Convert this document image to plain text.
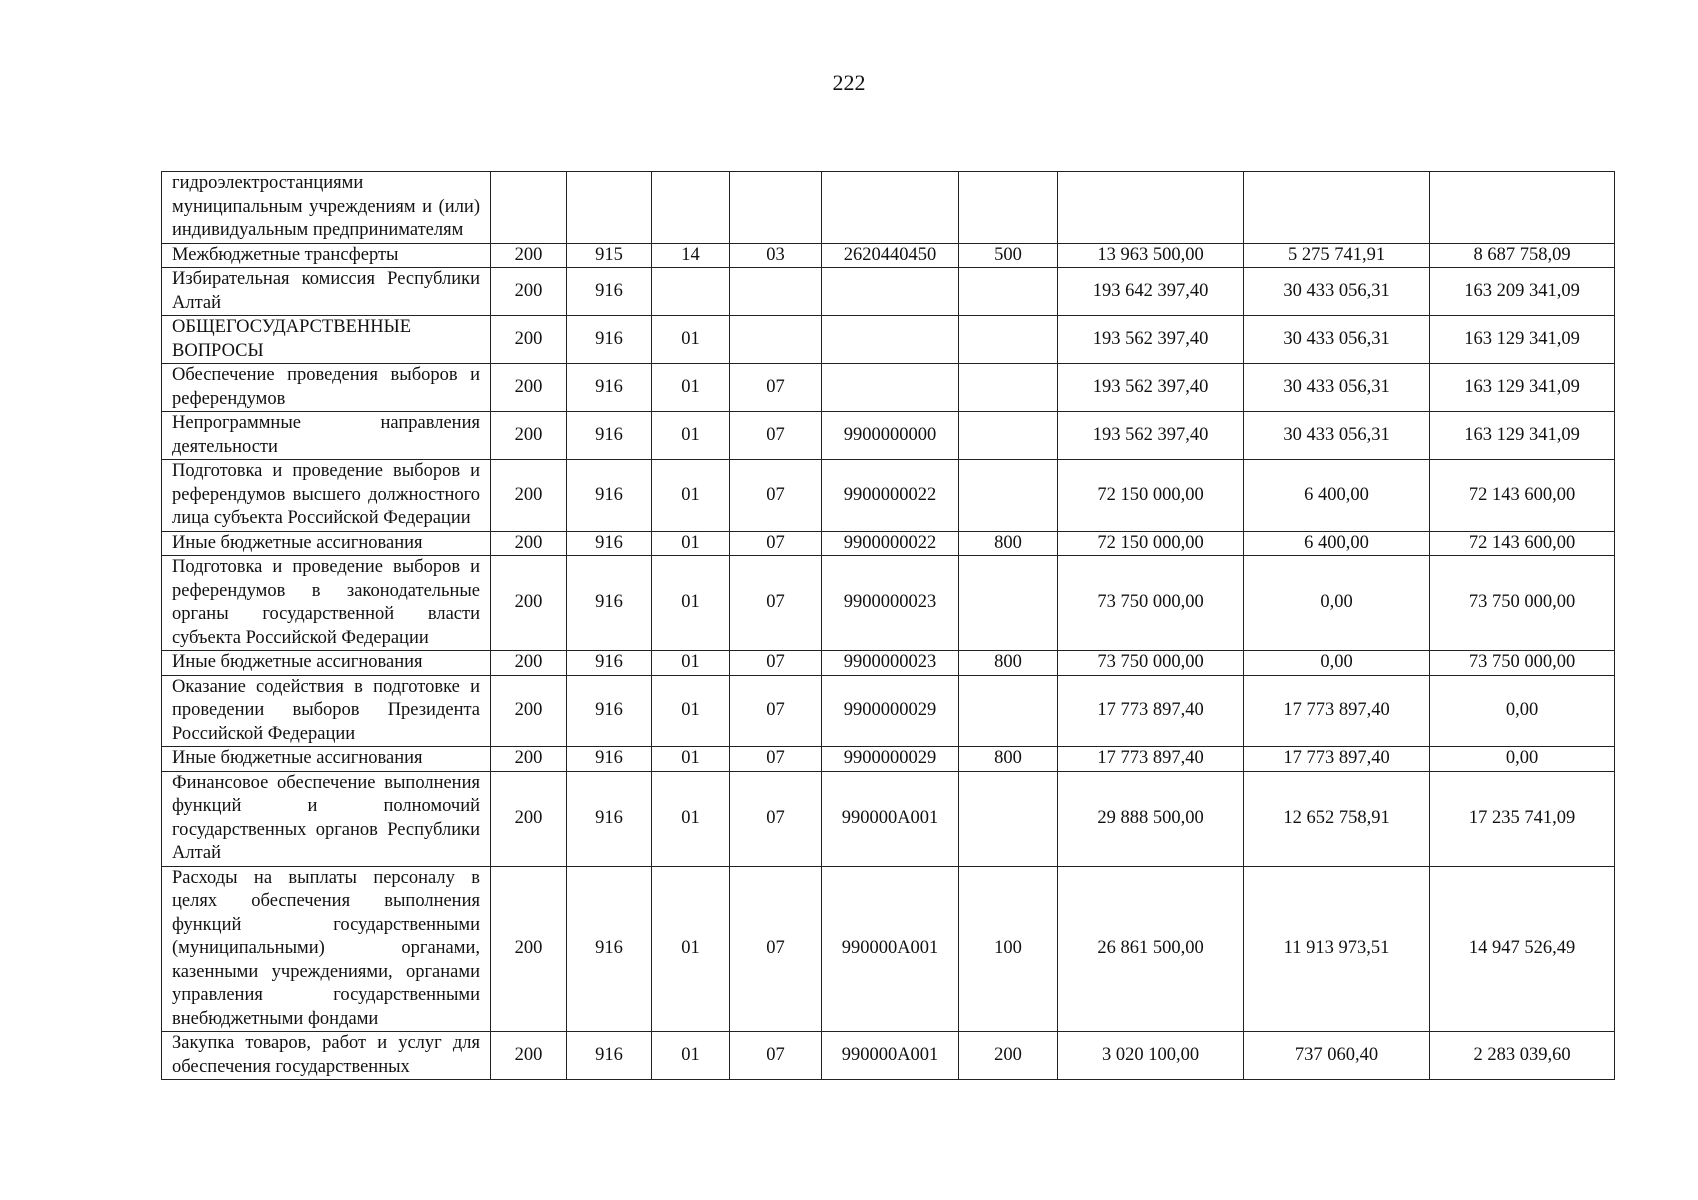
222
гидроэлектростанциями муниципальным учреждениям и (или) индивидуальным предпринимателям									
Межбюджетные трансферты	200	915	14	03	2620440450	500	13 963 500,00	5 275 741,91	8 687 758,09
Избирательная комиссия Республики Алтай	200	916					193 642 397,40	30 433 056,31	163 209 341,09
ОБЩЕГОСУДАРСТВЕННЫЕ ВОПРОСЫ	200	916	01				193 562 397,40	30 433 056,31	163 129 341,09
Обеспечение проведения выборов и референдумов	200	916	01	07			193 562 397,40	30 433 056,31	163 129 341,09
Непрограммные направления деятельности	200	916	01	07	9900000000		193 562 397,40	30 433 056,31	163 129 341,09
Подготовка и проведение выборов и референдумов высшего должностного лица субъекта Российской Федерации	200	916	01	07	9900000022		72 150 000,00	6 400,00	72 143 600,00
Иные бюджетные ассигнования	200	916	01	07	9900000022	800	72 150 000,00	6 400,00	72 143 600,00
Подготовка и проведение выборов и референдумов в законодательные органы государственной власти субъекта Российской Федерации	200	916	01	07	9900000023		73 750 000,00	0,00	73 750 000,00
Иные бюджетные ассигнования	200	916	01	07	9900000023	800	73 750 000,00	0,00	73 750 000,00
Оказание содействия в подготовке и проведении выборов Президента Российской Федерации	200	916	01	07	9900000029		17 773 897,40	17 773 897,40	0,00
Иные бюджетные ассигнования	200	916	01	07	9900000029	800	17 773 897,40	17 773 897,40	0,00
Финансовое обеспечение выполнения функций и полномочий государственных органов Республики Алтай	200	916	01	07	990000А001		29 888 500,00	12 652 758,91	17 235 741,09
Расходы на выплаты персоналу в целях обеспечения выполнения функций государственными (муниципальными) органами, казенными учреждениями, органами управления государственными внебюджетными фондами	200	916	01	07	990000А001	100	26 861 500,00	11 913 973,51	14 947 526,49
Закупка товаров, работ и услуг для обеспечения государственных	200	916	01	07	990000А001	200	3 020 100,00	737 060,40	2 283 039,60
